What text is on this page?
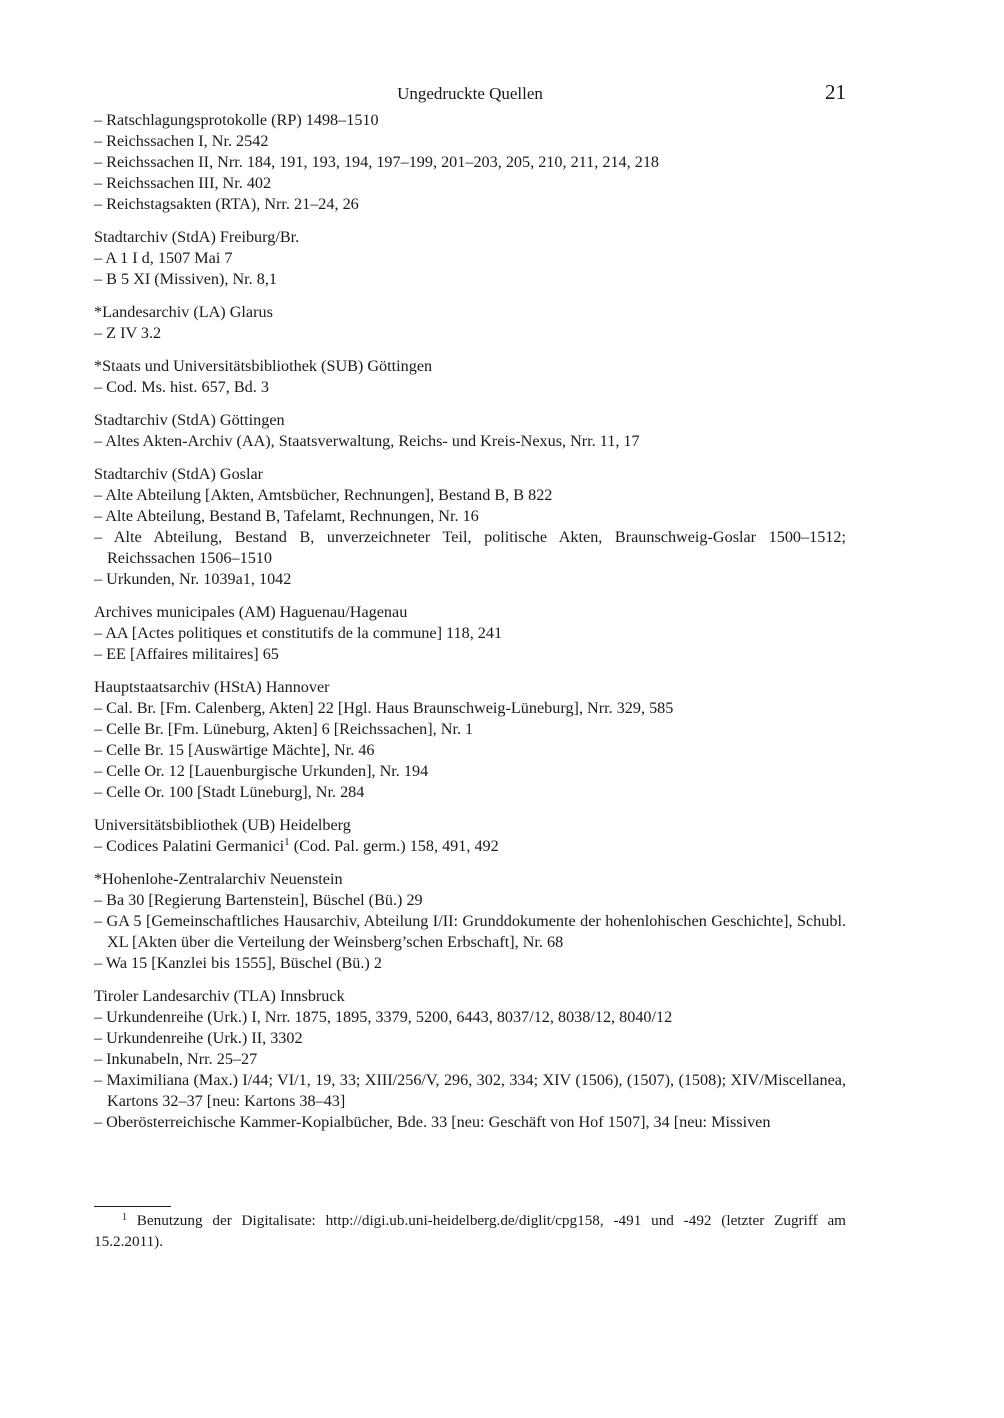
Ungedruckte Quellen	21

– Ratschlagungsprotokolle (RP) 1498–1510

– Reichssachen I, Nr. 2542

– Reichssachen II, Nrr. 184, 191, 193, 194, 197–199, 201–203, 205, 210, 211, 214, 218

– Reichssachen III, Nr. 402

– Reichstagsakten (RTA), Nrr. 21–24, 26

Stadtarchiv (StdA) Freiburg/Br.

– A 1 I d, 1507 Mai 7

– B 5 XI (Missiven), Nr. 8,1

*Landesarchiv (LA) Glarus

– Z IV 3.2

*Staats und Universitätsbibliothek (SUB) Göttingen

– Cod. Ms. hist. 657, Bd. 3

Stadtarchiv (StdA) Göttingen

– Altes Akten-Archiv (AA), Staatsverwaltung, Reichs- und Kreis-Nexus, Nrr. 11, 17

Stadtarchiv (StdA) Goslar

– Alte Abteilung [Akten, Amtsbücher, Rechnungen], Bestand B, B 822

– Alte Abteilung, Bestand B, Tafelamt, Rechnungen, Nr. 16

– Alte Abteilung, Bestand B, unverzeichneter Teil, politische Akten, Braunschweig-Goslar 1500–1512; Reichssachen 1506–1510

– Urkunden, Nr. 1039a1, 1042

Archives municipales (AM) Haguenau/Hagenau

– AA [Actes politiques et constitutifs de la commune] 118, 241

– EE [Affaires militaires] 65

Hauptstaatsarchiv (HStA) Hannover

– Cal. Br. [Fm. Calenberg, Akten] 22 [Hgl. Haus Braunschweig-Lüneburg], Nrr. 329, 585

– Celle Br. [Fm. Lüneburg, Akten] 6 [Reichssachen], Nr. 1

– Celle Br. 15 [Auswärtige Mächte], Nr. 46

– Celle Or. 12 [Lauenburgische Urkunden], Nr. 194

– Celle Or. 100 [Stadt Lüneburg], Nr. 284

Universitätsbibliothek (UB) Heidelberg

– Codices Palatini Germanici$^1$ (Cod. Pal. germ.) 158, 491, 492

*Hohenlohe-Zentralarchiv Neuenstein

– Ba 30 [Regierung Bartenstein], Büschel (Bü.) 29

– GA 5 [Gemeinschaftliches Hausarchiv, Abteilung I/II: Grunddokumente der hohenlohischen Geschichte], Schubl. XL [Akten über die Verteilung der Weinsberg’schen Erbschaft], Nr. 68

– Wa 15 [Kanzlei bis 1555], Büschel (Bü.) 2

Tiroler Landesarchiv (TLA) Innsbruck

– Urkundenreihe (Urk.) I, Nrr. 1875, 1895, 3379, 5200, 6443, 8037/12, 8038/12, 8040/12

– Urkundenreihe (Urk.) II, 3302

– Inkunabeln, Nrr. 25–27

– Maximiliana (Max.) I/44; VI/1, 19, 33; XIII/256/V, 296, 302, 334; XIV (1506), (1507), (1508); XIV/Miscellanea, Kartons 32–37 [neu: Kartons 38–43]

– Oberösterreichische Kammer-Kopialbücher, Bde. 33 [neu: Geschäft von Hof 1507], 34 [neu: Missiven

$^1$ Benutzung der Digitalisate: http://digi.ub.uni-heidelberg.de/diglit/cpg158, -491 und -492 (letzter Zugriff am 15.2.2011).
